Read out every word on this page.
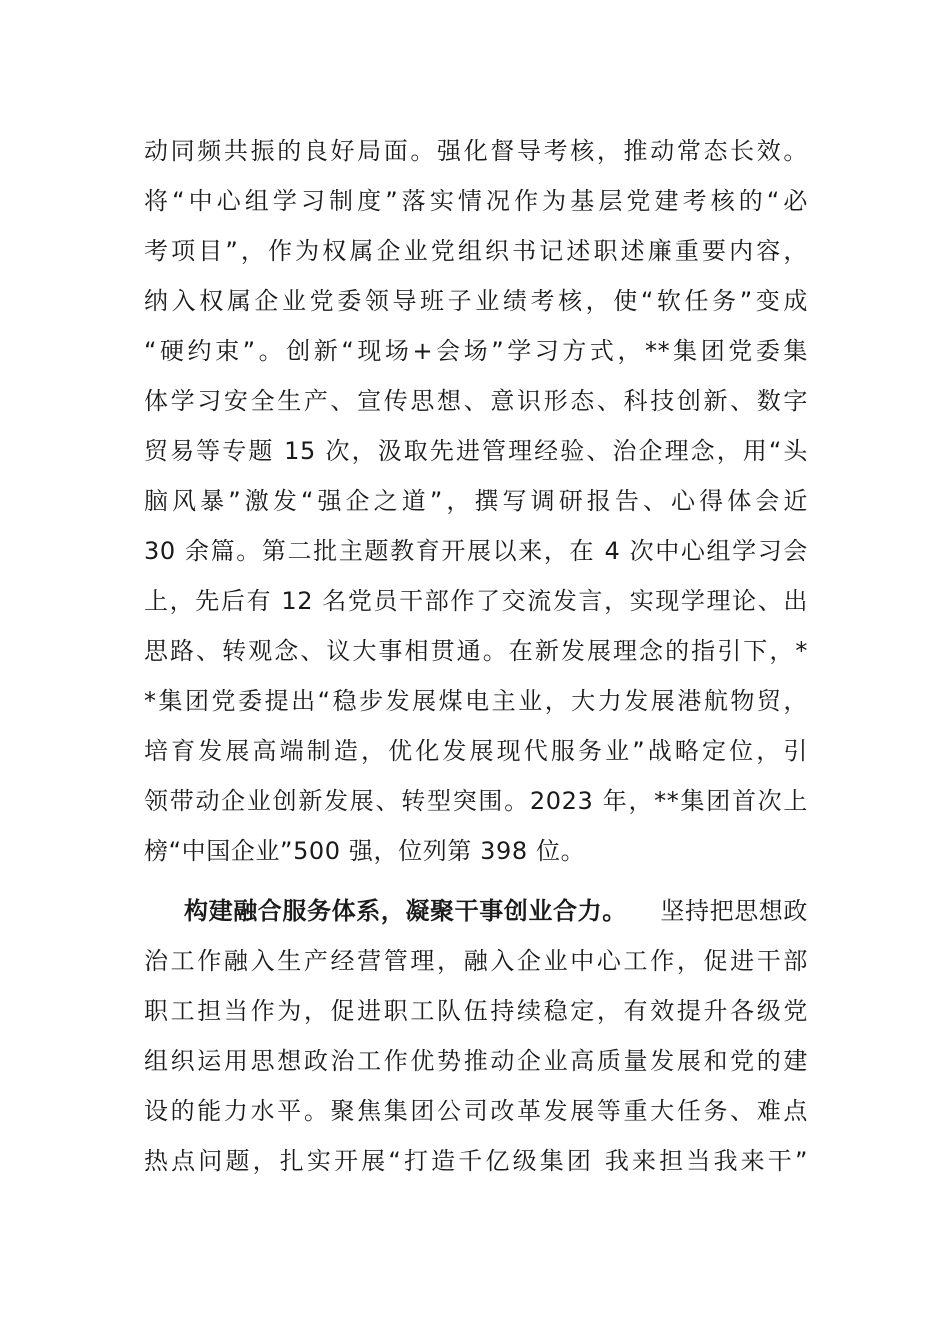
动同频共振的良好局面。强化督导考核，推动常态长效。
将“中心组学习制度”落实情况作为基层党建考核的“必
考项目”，作为权属企业党组织书记述职述廉重要内容，
纳入权属企业党委领导班子业绩考核，使“软任务”变成
“硬约束”。创新“现场+会场”学习方式，**集团党委集
体学习安全生产、宣传思想、意识形态、科技创新、数字
贸易等专题 15 次，汲取先进管理经验、治企理念，用“头
脑风暴”激发“强企之道”，撰写调研报告、心得体会近
30 余篇。第二批主题教育开展以来，在 4 次中心组学习会
上，先后有 12 名党员干部作了交流发言，实现学理论、出
思路、转观念、议大事相贯通。在新发展理念的指引下，*
*集团党委提出“稳步发展煤电主业，大力发展港航物贸，
培育发展高端制造，优化发展现代服务业”战略定位，引
领带动企业创新发展、转型突围。2023 年，**集团首次上
榜“中国企业”500 强，位列第 398 位。
构建融合服务体系，凝聚干事创业合力。 坚持把思想政
治工作融入生产经营管理，融入企业中心工作，促进干部
职工担当作为，促进职工队伍持续稳定，有效提升各级党
组织运用思想政治工作优势推动企业高质量发展和党的建
设的能力水平。聚焦集团公司改革发展等重大任务、难点
热点问题，扎实开展“打造千亿级集团 我来担当我来干”
